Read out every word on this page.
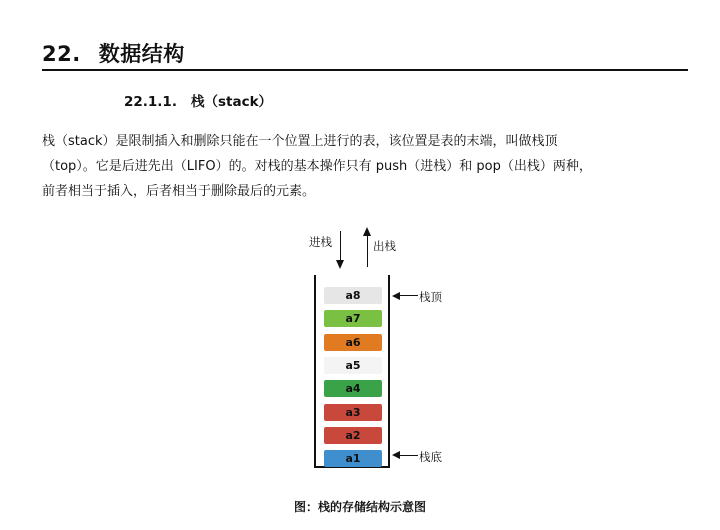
22. 数据结构
22.1.1. 栈（stack）

栈（stack）是限制插入和删除只能在一个位置上进行的表，该位置是表的末端，叫做栈顶
（top）。它是后进先出（LIFO）的。对栈的基本操作只有 push（进栈）和 pop（出栈）两种，
前者相当于插入，后者相当于删除最后的元素。

进栈	出栈
a8
a7
a6
a5
a4
a3
a2
a1
栈顶
栈底
图：栈的存储结构示意图
